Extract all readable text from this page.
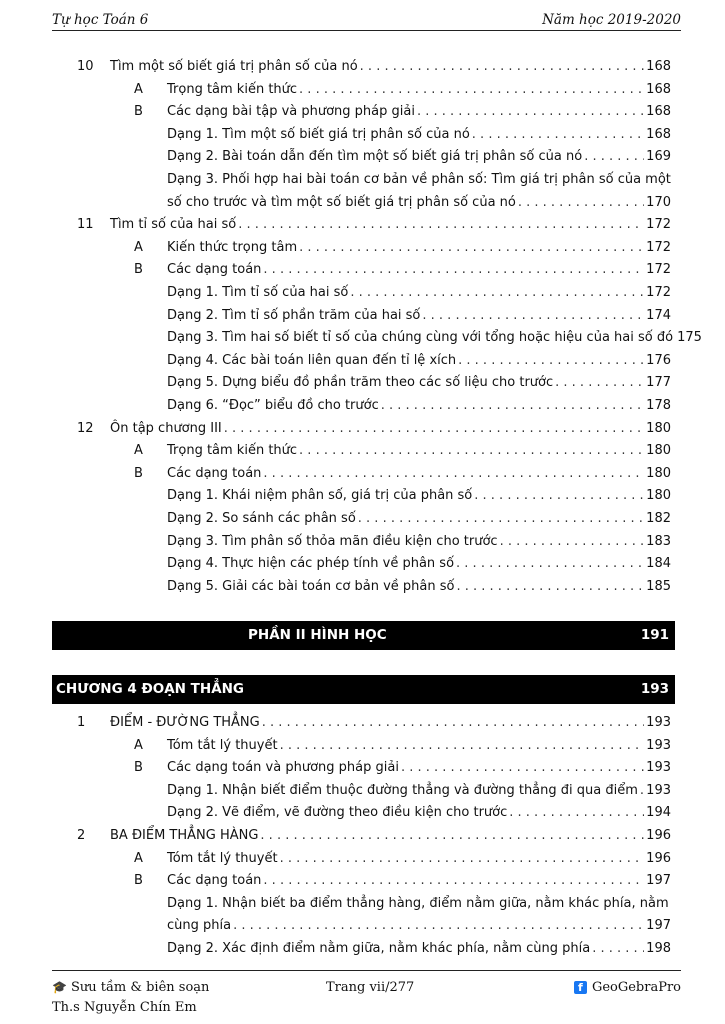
Tự học Toán 6	Năm học 2019-2020
10 Tìm một số biết giá trị phân số của nó . . .	168
A	Trọng tâm kiến thức . . .	168
B	Các dạng bài tập và phương pháp giải . . .	168
Dạng 1. Tìm một số biết giá trị phân số của nó . . .	168
Dạng 2. Bài toán dẫn đến tìm một số biết giá trị phân số của nó . . .	169
Dạng 3. Phối hợp hai bài toán cơ bản về phân số: Tìm giá trị phân số của một
số cho trước và tìm một số biết giá trị phân số của nó . . .	170
11 Tìm tỉ số của hai số . . .	172
A	Kiến thức trọng tâm . . .	172
B	Các dạng toán . . .	172
Dạng 1. Tìm tỉ số của hai số . . .	172
Dạng 2. Tìm tỉ số phần trăm của hai số . . .	174
Dạng 3. Tìm hai số biết tỉ số của chúng cùng với tổng hoặc hiệu của hai số đó 175
Dạng 4. Các bài toán liên quan đến tỉ lệ xích . . .	176
Dạng 5. Dựng biểu đồ phần trăm theo các số liệu cho trước . . .	177
Dạng 6. “Đọc” biểu đồ cho trước . . .	178
12 Ôn tập chương III . . .	180
A	Trọng tâm kiến thức . . .	180
B	Các dạng toán . . .	180
Dạng 1. Khái niệm phân số, giá trị của phân số . . .	180
Dạng 2. So sánh các phân số . . .	182
Dạng 3. Tìm phân số thỏa mãn điều kiện cho trước . . .	183
Dạng 4. Thực hiện các phép tính về phân số . . .	184
Dạng 5. Giải các bài toán cơ bản về phân số . . .	185
PHẦN II HÌNH HỌC	191
CHƯƠNG 4 ĐOẠN THẲNG	193
1	ĐIỂM - ĐƯỜNG THẲNG . . .	193
A	Tóm tắt lý thuyết . . .	193
B	Các dạng toán và phương pháp giải . . .	193
Dạng 1. Nhận biết điểm thuộc đường thẳng và đường thẳng đi qua điểm . . . 193
Dạng 2. Vẽ điểm, vẽ đường theo điều kiện cho trước . . .	194
2	BA ĐIỂM THẲNG HÀNG . . .	196
A	Tóm tắt lý thuyết . . .	196
B	Các dạng toán . . .	197
Dạng 1. Nhận biết ba điểm thẳng hàng, điểm nằm giữa, nằm khác phía, nằm
cùng phía . . .	197
Dạng 2. Xác định điểm nằm giữa, nằm khác phía, nằm cùng phía . . .	198
🎓 Sưu tầm & biên soạn
Th.s Nguyễn Chín Em
Trang vii/277	f GeoGebraPro
